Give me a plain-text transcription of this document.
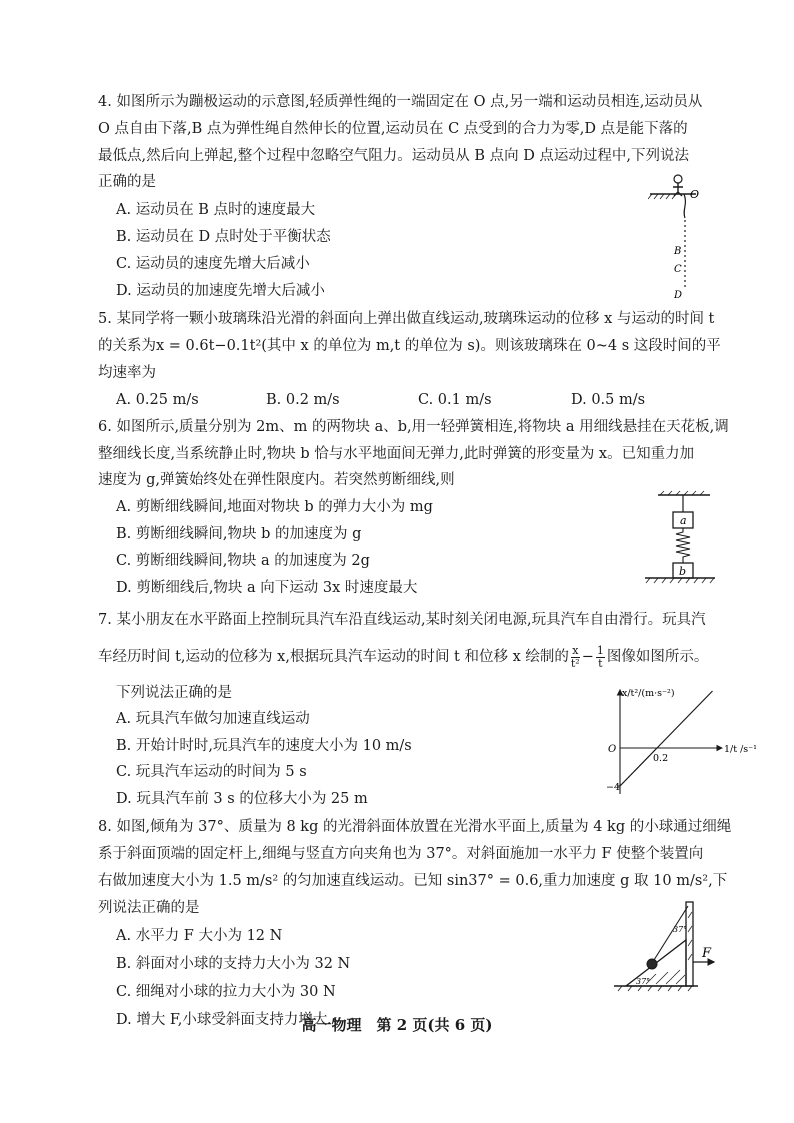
4. 如图所示为蹦极运动的示意图,轻质弹性绳的一端固定在 O 点,另一端和运动员相连,运动员从
O 点自由下落,B 点为弹性绳自然伸长的位置,运动员在 C 点受到的合力为零,D 点是能下落的
最低点,然后向上弹起,整个过程中忽略空气阻力。运动员从 B 点向 D 点运动过程中,下列说法
正确的是
A. 运动员在 B 点时的速度最大
B. 运动员在 D 点时处于平衡状态
C. 运动员的速度先增大后减小
D. 运动员的加速度先增大后减小
O
B
C
D
5. 某同学将一颗小玻璃珠沿光滑的斜面向上弹出做直线运动,玻璃珠运动的位移 x 与运动的时间 t
的关系为x = 0.6t−0.1t²(其中 x 的单位为 m,t 的单位为 s)。则该玻璃珠在 0~4 s 这段时间的平
均速率为
A. 0.25 m/s	B. 0.2 m/s	C. 0.1 m/s	D. 0.5 m/s
6. 如图所示,质量分别为 2m、m 的两物块 a、b,用一轻弹簧相连,将物块 a 用细线悬挂在天花板,调
整细线长度,当系统静止时,物块 b 恰与水平地面间无弹力,此时弹簧的形变量为 x。已知重力加
速度为 g,弹簧始终处在弹性限度内。若突然剪断细线,则
A. 剪断细线瞬间,地面对物块 b 的弹力大小为 mg
B. 剪断细线瞬间,物块 b 的加速度为 g
C. 剪断细线瞬间,物块 a 的加速度为 2g
D. 剪断细线后,物块 a 向下运动 3x 时速度最大
a
b
7. 某小朋友在水平路面上控制玩具汽车沿直线运动,某时刻关闭电源,玩具汽车自由滑行。玩具汽
车经历时间 t,运动的位移为 x,根据玩具汽车运动的时间 t 和位移 x 绘制的 $\frac{x}{\text{t²}} - \frac{1}{t}$ 图像如图所示。
下列说法正确的是
A. 玩具汽车做匀加速直线运动
B. 开始计时时,玩具汽车的速度大小为 10 m/s
C. 玩具汽车运动的时间为 5 s
D. 玩具汽车前 3 s 的位移大小为 25 m
0.2
−4
x/t²/(m·s⁻²)
1/t /s⁻¹
O
8. 如图,倾角为 37°、质量为 8 kg 的光滑斜面体放置在光滑水平面上,质量为 4 kg 的小球通过细绳
系于斜面顶端的固定杆上,细绳与竖直方向夹角也为 37°。对斜面施加一水平力 F 使整个装置向
右做加速度大小为 1.5 m/s² 的匀加速直线运动。已知 sin37° = 0.6,重力加速度 g 取 10 m/s²,下
列说法正确的是
A. 水平力 F 大小为 12 N
B. 斜面对小球的支持力大小为 32 N
C. 细绳对小球的拉力大小为 30 N
D. 增大 F,小球受斜面支持力增大
37°
37°
F
高一物理　第 2 页(共 6 页)
